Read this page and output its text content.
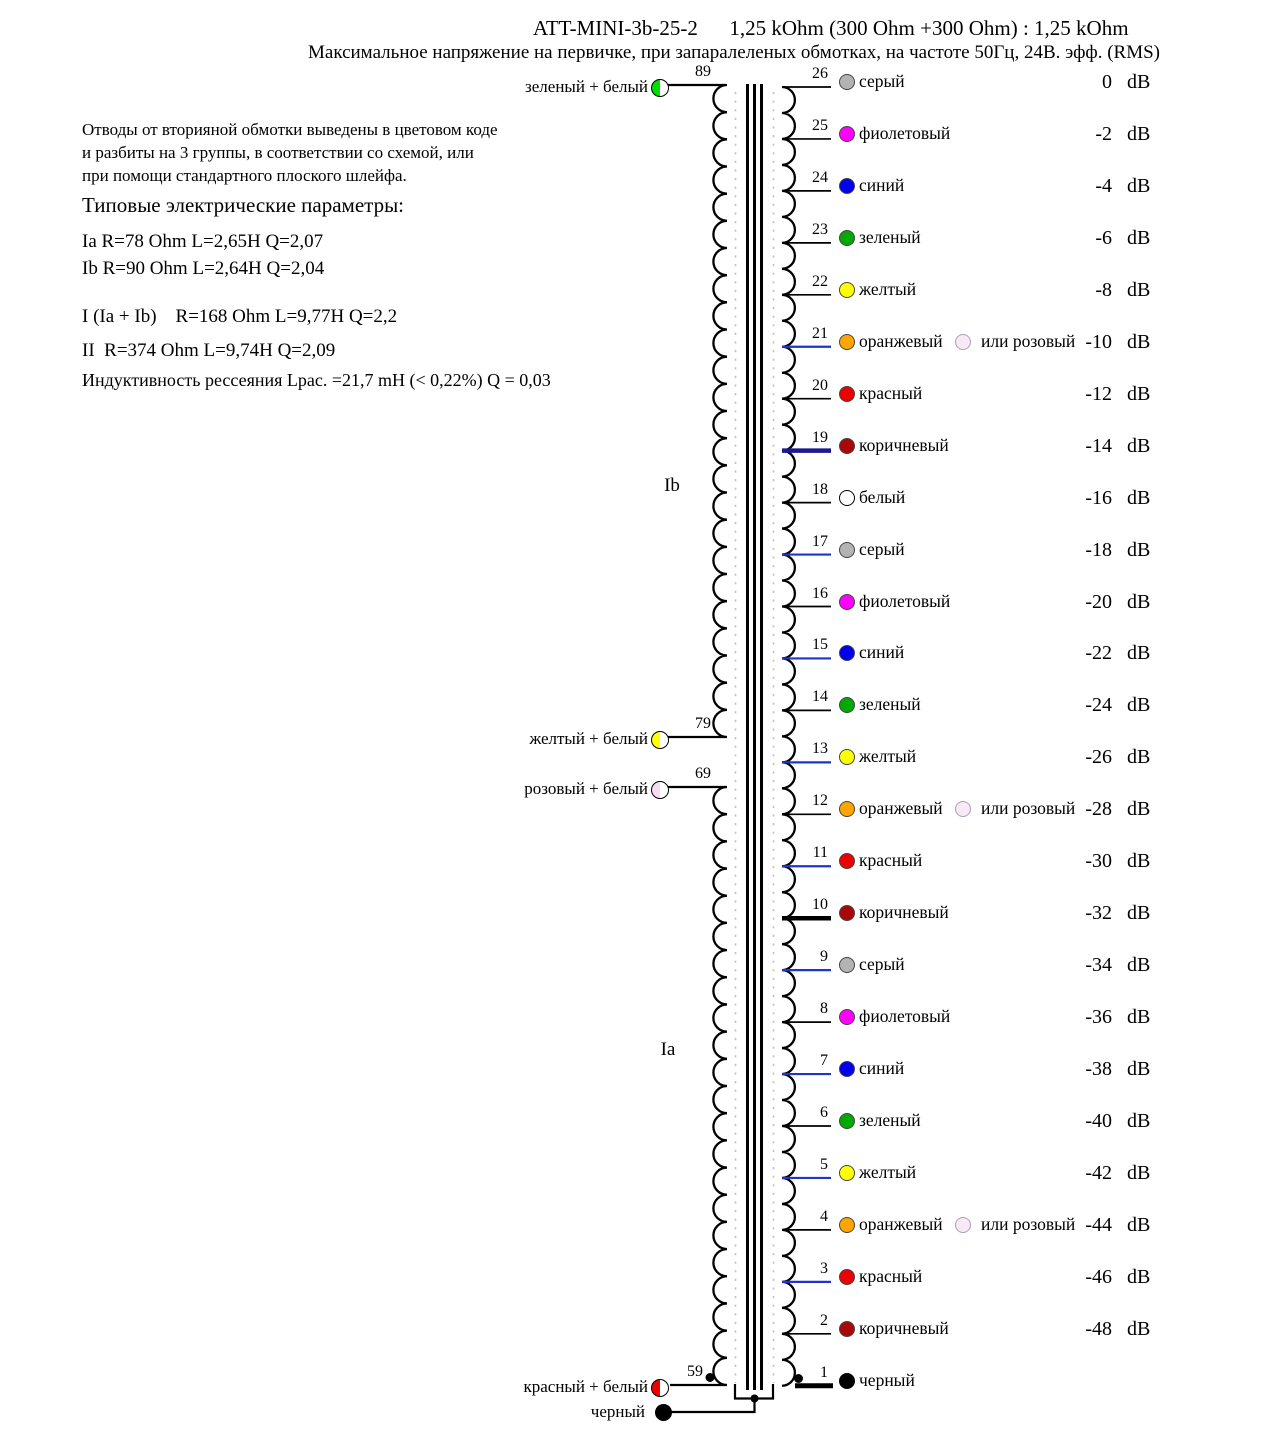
ATT-MINI-3b-25-2      1,25 kOhm (300 Ohm +300 Ohm) : 1,25 kOhm
Максимальное напряжение на первичке, при запаралеленых обмотках, на частоте 50Гц, 24В. эфф. (RMS)
Отводы от вторияной обмотки выведены в цветовом коде
и разбиты на 3 группы, в соответствии со схемой, или
при помощи стандартного плоского шлейфа.
Типовые электрические параметры:
Ia R=78 Ohm L=2,65H Q=2,07
Ib R=90 Ohm L=2,64H Q=2,04
I (Ia + Ib)    R=168 Ohm L=9,77H Q=2,2
II  R=374 Ohm L=9,74H Q=2,09
Индуктивность рессеяния Lpac. =21,7 mH (< 0,22%) Q = 0,03
зеленый + белый
89
желтый + белый
79
розовый + белый
69
красный + белый
59
черный
Ib
Ia
26 серый	0 dB
25 фиолетовый	-2 dB
24 синий	-4 dB
23 зеленый	-6 dB
22 желтый	-8 dB
21 оранжевый или розовый -10 dB
20 красный	-12 dB
19 коричневый	-14 dB
18 белый	-16 dB
17 серый	-18 dB
16 фиолетовый	-20 dB
15 синий	-22 dB
14 зеленый	-24 dB
13 желтый	-26 dB
12 оранжевый или розовый -28 dB
11 красный	-30 dB
10 коричневый	-32 dB
9 серый	-34 dB
8 фиолетовый	-36 dB
7 синий	-38 dB
6 зеленый	-40 dB
5 желтый	-42 dB
4 оранжевый или розовый -44 dB
3 красный	-46 dB
2 коричневый	-48 dB
1 черный
